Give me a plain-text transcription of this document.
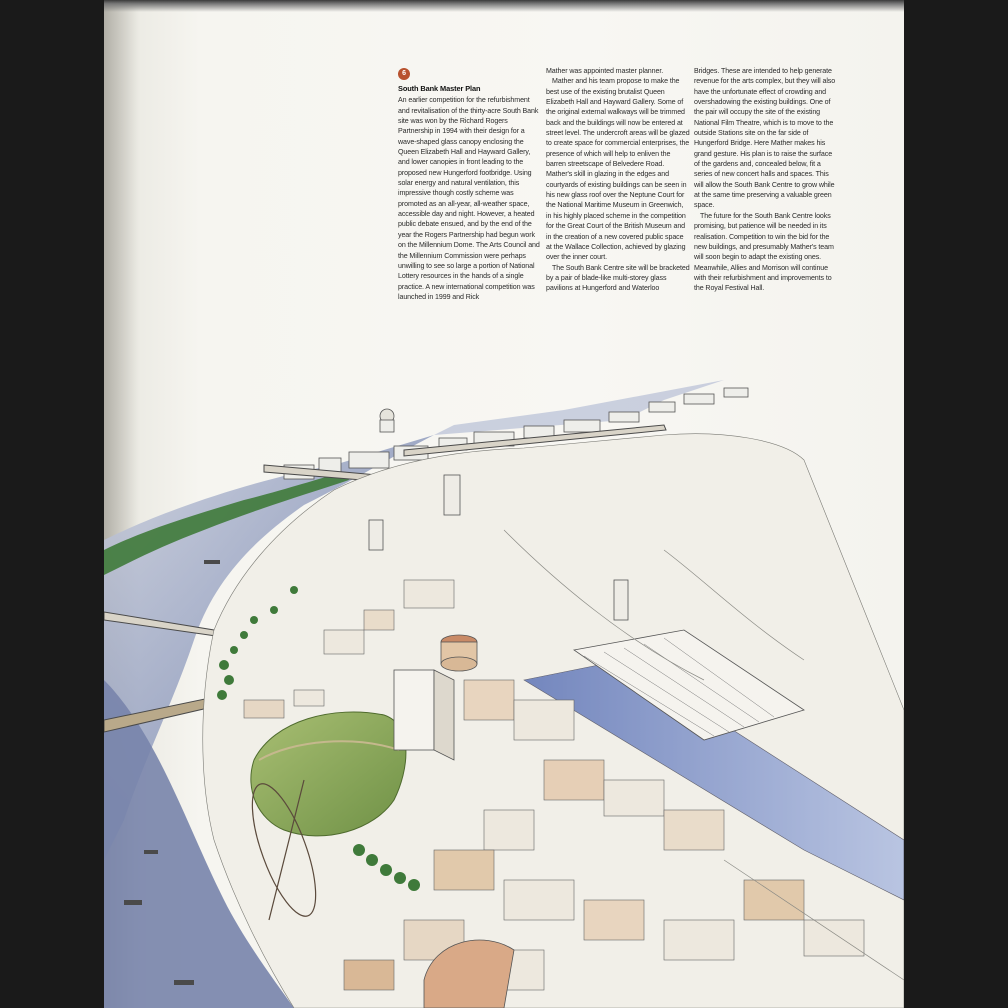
6
South Bank Master Plan

An earlier competition for the refurbishment and revitalisation of the thirty-acre South Bank site was won by the Richard Rogers Partnership in 1994 with their design for a wave-shaped glass canopy enclosing the Queen Elizabeth Hall and Hayward Gallery, and lower canopies in front leading to the proposed new Hungerford footbridge. Using solar energy and natural ventilation, this impressive though costly scheme was promoted as an all-year, all-weather space, accessible day and night. However, a heated public debate ensued, and by the end of the year the Rogers Partnership had begun work on the Millennium Dome. The Arts Council and the Millennium Commission were perhaps unwilling to see so large a portion of National Lottery resources in the hands of a single practice. A new international competition was launched in 1999 and Rick

Mather was appointed master planner.

Mather and his team propose to make the best use of the existing brutalist Queen Elizabeth Hall and Hayward Gallery. Some of the original external walkways will be trimmed back and the buildings will now be entered at street level. The undercroft areas will be glazed to create space for commercial enterprises, the presence of which will help to enliven the barren streetscape of Belvedere Road. Mather's skill in glazing in the edges and courtyards of existing buildings can be seen in his new glass roof over the Neptune Court for the National Maritime Museum in Greenwich, in his highly placed scheme in the competition for the Great Court of the British Museum and in the creation of a new covered public space at the Wallace Collection, achieved by glazing over the inner court.

The South Bank Centre site will be bracketed by a pair of blade-like multi-storey glass pavilions at Hungerford and Waterloo

Bridges. These are intended to help generate revenue for the arts complex, but they will also have the unfortunate effect of crowding and overshadowing the existing buildings. One of the pair will occupy the site of the existing National Film Theatre, which is to move to the outside Stations site on the far side of Hungerford Bridge. Here Mather makes his grand gesture. His plan is to raise the surface of the gardens and, concealed below, fit a series of new concert halls and spaces. This will allow the South Bank Centre to grow while at the same time preserving a valuable green space.

The future for the South Bank Centre looks promising, but patience will be needed in its realisation. Competition to win the bid for the new buildings, and presumably Mather's team will soon begin to adapt the existing ones. Meanwhile, Allies and Morrison will continue with their refurbishment and improvements to the Royal Festival Hall.
